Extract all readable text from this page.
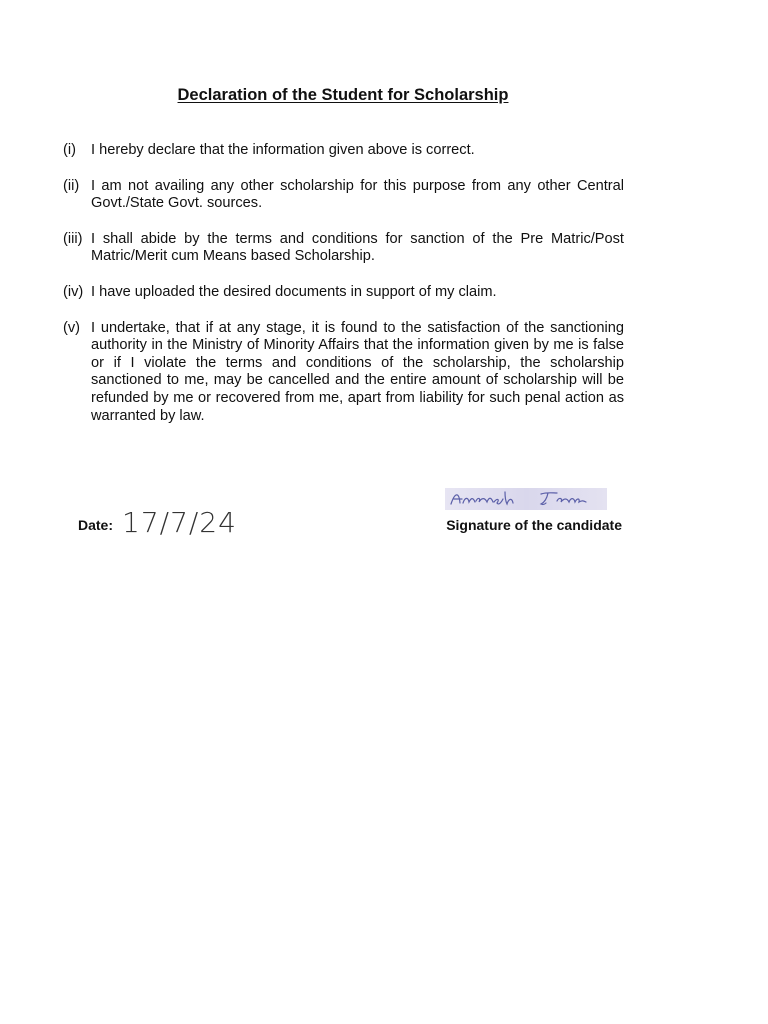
Declaration of the Student for Scholarship
(i) I hereby declare that the information given above is correct.
(ii) I am not availing any other scholarship for this purpose from any other Central Govt./State Govt. sources.
(iii) I shall abide by the terms and conditions for sanction of the Pre Matric/Post Matric/Merit cum Means based Scholarship.
(iv) I have uploaded the desired documents in support of my claim.
(v) I undertake, that if at any stage, it is found to the satisfaction of the sanctioning authority in the Ministry of Minority Affairs that the information given by me is false or if I violate the terms and conditions of the scholarship, the scholarship sanctioned to me, may be cancelled and the entire amount of scholarship will be refunded by me or recovered from me, apart from liability for such penal action as warranted by law.
Date: 17/7/24	Signature of the candidate
